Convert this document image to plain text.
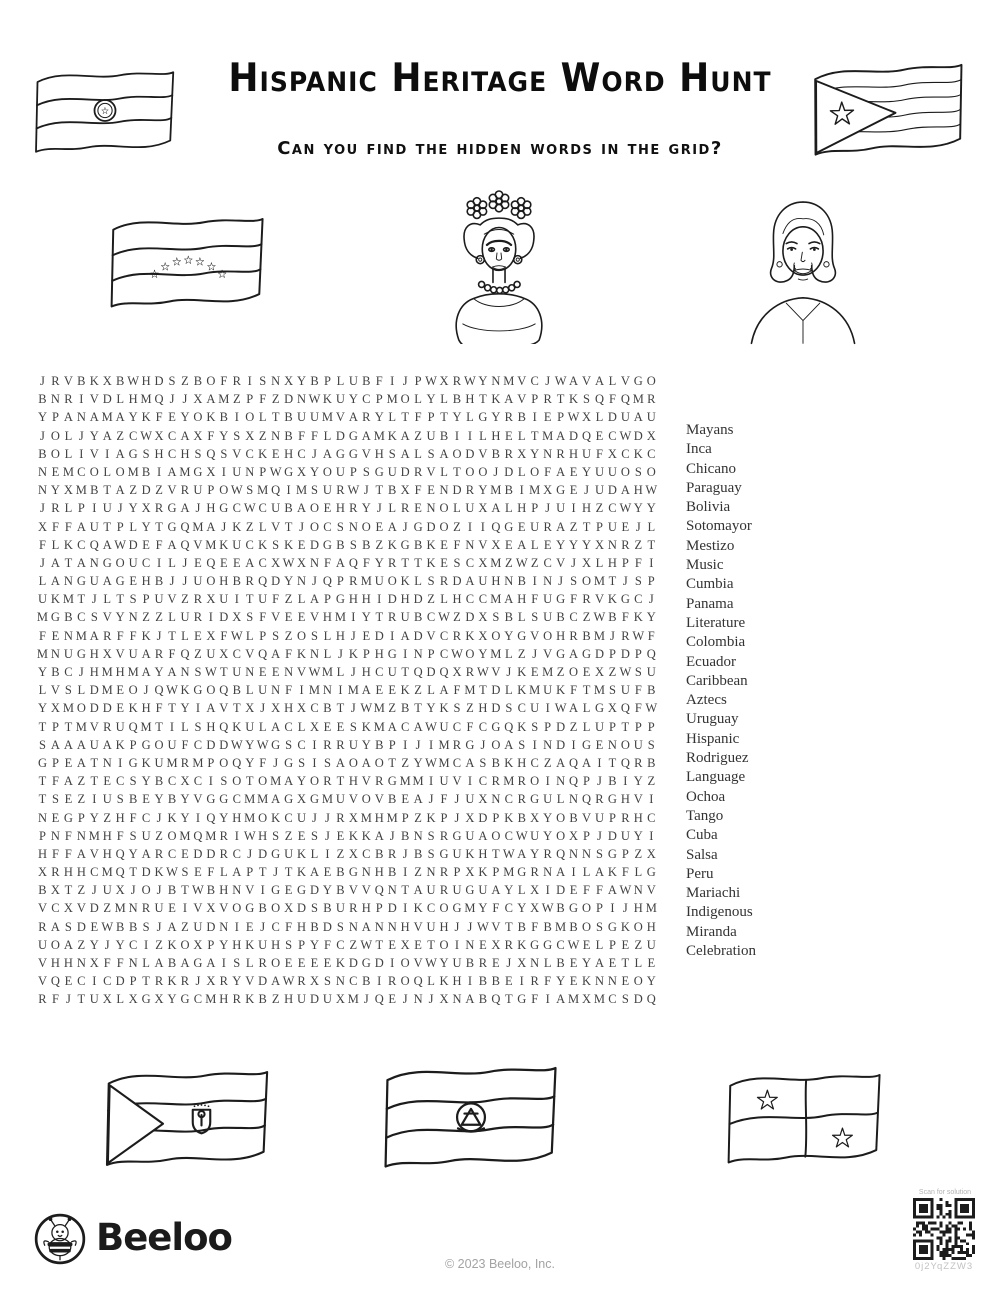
Hispanic Heritage Word Hunt
Can you find the hidden words in the grid?
J R V B K X B W H D S Z B O F R I S N X Y B P L U B F I J P W X R W Y N M V C J W A V A L V G O
B N R I V D L H M Q J J X A M Z P F Z D N W K U Y C P M O L Y L B H T K A V P R T K S Q F Q M R
Y P A N A M A Y K F E Y O K B I O L T B U U M V A R Y L T F P T Y L G Y R B I E P W X L D U A U
J O L J Y A Z C W X C A X F Y S X Z N B F F L D G A M K A Z U B I I L H E L T M A D Q E C W D X
B O L I V I A G S H C H S Q S V C K E H C J A G G V H S A L S A O D V B R X Y N R H U F X C K C
N E M C O L O M B I A M G X I U N P W G X Y O U P S G U D R V L T O O J D L O F A E Y U U O S O
N Y X M B T A Z D Z V R U P O W S M Q I M S U R W J T B X F E N D R Y M B I M X G E J U D A H W
J R L P I U J Y X R G A J H G C W C U B A O E H R Y J L R E N O L U X A L H P J U I H Z C W Y Y
X F F A U T P L Y T G Q M A J K Z L V T J O C S N O E A J G D O Z I I Q G E U R A Z T P U E J L
F L K C Q A W D E F A Q V M K U C K S K E D G B S B Z K G B K E F N V X E A L E Y Y Y X N R Z T
J A T A N G O U C I L J E Q E E A C X W X N F A Q F Y R T T K E S C X M Z W Z C V J X L H P F I
L A N G U A G E H B J J U O H B R Q D Y N J Q P R M U O K L S R D A U H N B I N J S O M T J S P
U K M T J L T S P U V Z R X U I T U F Z L A P G H H I D H D Z L H C C M A H F U G F R V K G C J
M G B C S V Y N Z Z L U R I D X S F V E E V H M I Y T R U B C W Z D X S B L S U B C Z W B F K Y
F E N M A R F F K J T L E X F W L P S Z O S L H J E D I A D V C R K X O Y G V O H R B M J R W F
M N U G H X V U A R F Q Z U X C V Q A F K N L J K P H G I N P C W O Y M L Z J V G A G D P D P Q
Y B C J H M H M A Y A N S W T U N E E N V WM L J H C U T Q D Q X R W V J K E M Z O E X Z W S U
L V S L D M E O J Q W K G O Q B L U N F I M N I M A E E K Z L A F M T D L K M U K F T M S U F B
Y X M O D D E K H F T Y I A V T X J X H X C B T J WM Z B T Y K S Z H D S C U I W A L G X Q F W
T P T M V R U Q M T I L S H Q K U L A C L X E E S K M A C A W U C F C G Q K S P D Z L U P T P P
S A A A U A K P G O U F C D D W Y W G S C I R R U Y B P I J I M R G J O A S I N D I G E N O U S
G P E A T N I G K U M R M P O Q Y F J G S I S A O A O T Z Y WM C A S B K H C Z A Q A I T Q R B
T F A Z T E C S Y B C X C I S O T O M A Y O R T H V R G M M I U V I C R M R O I N Q P J B I Y Z
T S E Z I U S B E Y B Y V G G C M M A G X G M U V O V B E A J F J U X N C R G U L N Q R G H V I
N E G P Y Z H F C J K Y I Q Y H M O K C U J J R X M H M P Z K P J X D P K B X Y O B V U P R H C
P N F N M H F S U Z O M Q M R I W H S Z E S J E K K A J B N S R G U A O C W U Y O X P J D U Y I
H F F A V H Q Y A R C E D D R C J D G U K L I Z X C B R J B S G U K H T W A Y R Q N N S G P Z X
X R H H C M Q T D K W S E F L A P T J T K A E B G N H B I Z N R P X K P M G R N A I L A K F L G
B X T Z J U X J O J B T W B H N V I G E G D Y B V V Q N T A U R U G U A Y L X I D E F F A W N V
V C X V D Z M N R U E I V X V O G B O X D S B U R H P D I K C O G M Y F C Y X W B G O P I J H M
R A S D E W B B S J A Z U D N I E J C F H B D S N A N N H V U H J J W V T B F B M B O S G K O H
U O A Z Y J Y C I Z K O X P Y H K U H S P Y F C Z W T E X E T O I N E X R K G G C W E L P E Z U
V H H N X F F N L A B A G A I S L R O E E E E K D G D I O V W Y U B R E J X N L B E Y A E T L E
V Q E C I C D P T R K R J X R Y V D A W R X S N C B I R O Q L K H I B B E I R F Y E K N N E O Y
R F J T U X L X G X Y G C M H R K B Z H U D U X M J Q E J N J X N A B Q T G F I A M X M C S D Q
Mayans
Inca
Chicano
Paraguay
Bolivia
Sotomayor
Mestizo
Music
Cumbia
Panama
Literature
Colombia
Ecuador
Caribbean
Aztecs
Uruguay
Hispanic
Rodriguez
Language
Ochoa
Tango
Cuba
Salsa
Peru
Mariachi
Indigenous
Miranda
Celebration
Beeloo
© 2023 Beeloo, Inc.
Scan for solution
0j2YqZZW3
